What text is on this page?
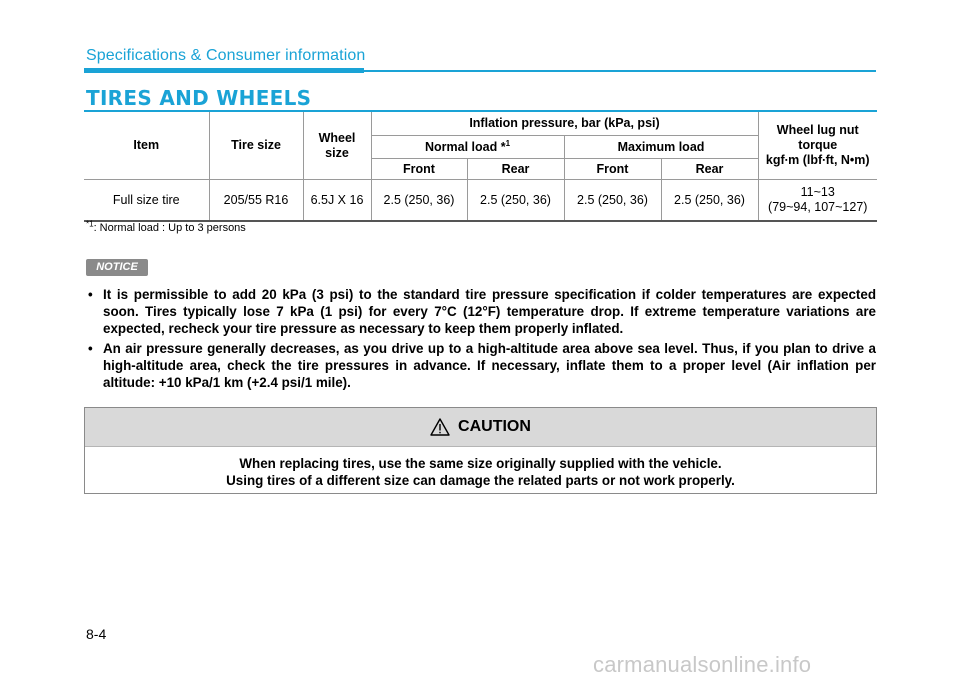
Specifications & Consumer information
TIRES AND WHEELS
Item	Tire size	Wheel size	Inflation pressure, bar (kPa, psi)				Wheel lug nut torque
kgf∙m (lbf∙ft, N•m)

			Normal load *$^1$		Maximum load		
			Front	Rear	Front	Rear	
Full size tire	205/55 R16	6.5J X 16	2.5 (250, 36)	2.5 (250, 36)	2.5 (250, 36)	2.5 (250, 36)	11~13
(79~94, 107~127)
$^{*1}$: Normal load : Up to 3 persons
NOTICE
• It is permissible to add 20 kPa (3 psi) to the standard tire pressure specification if colder temperatures are expected soon. Tires typically lose 7 kPa (1 psi) for every 7°C (12°F) temperature drop. If extreme temperature variations are expected, recheck your tire pressure as necessary to keep them properly inflated.
• An air pressure generally decreases, as you drive up to a high-altitude area above sea level. Thus, if you plan to drive a high-altitude area, check the tire pressures in advance. If necessary, inflate them to a proper level (Air inflation per altitude: +10 kPa/1 km (+2.4 psi/1 mile).
CAUTION
When replacing tires, use the same size originally supplied with the vehicle.
Using tires of a different size can damage the related parts or not work properly.
8-4
carmanualsonline.info
